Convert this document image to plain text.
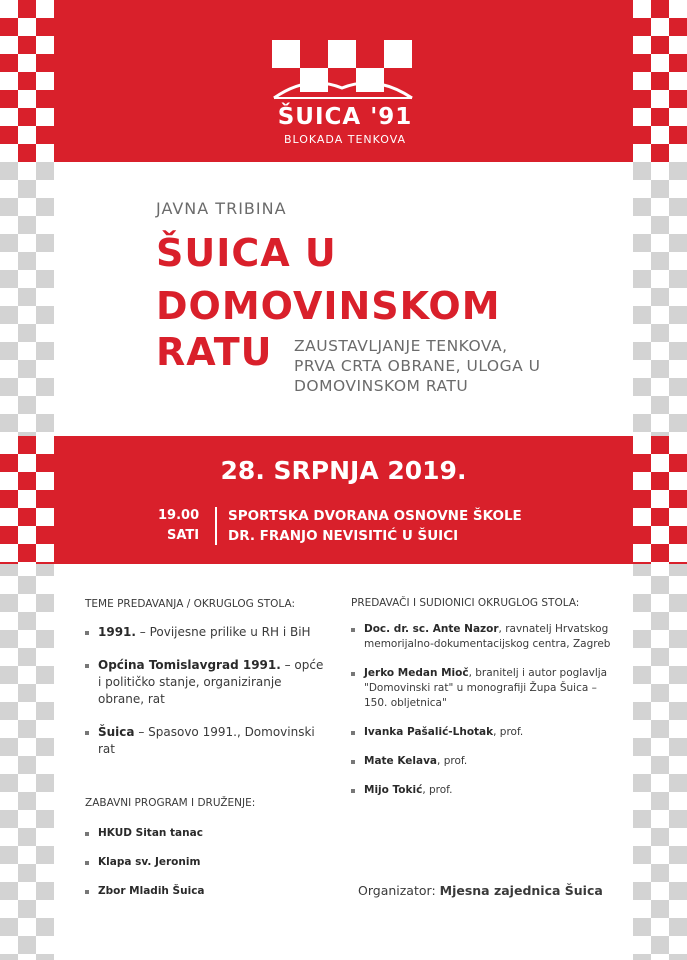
ŠUICA '91
BLOKADA TENKOVA
JAVNA TRIBINA
ŠUICA U
DOMOVINSKOM
RATU ZAUSTAVLJANJE TENKOVA, PRVA CRTA OBRANE, ULOGA U DOMOVINSKOM RATU
28. SRPNJA 2019.
19.00
SATI
SPORTSKA DVORANA OSNOVNE ŠKOLE
DR. FRANJO NEVISITIĆ U ŠUICI
TEME PREDAVANJA / OKRUGLOG STOLA:
1991. – Povijesne prilike u RH i BiH
Općina Tomislavgrad 1991. – opće i političko stanje, organiziranje obrane, rat
Šuica – Spasovo 1991., Domovinski rat
ZABAVNI PROGRAM I DRUŽENJE:
HKUD Sitan tanac
Klapa sv. Jeronim
Zbor Mladih Šuica
PREDAVAČI I SUDIONICI OKRUGLOG STOLA:
Doc. dr. sc. Ante Nazor, ravnatelj Hrvatskog memorijalno-dokumentacijskog centra, Zagreb
Jerko Medan Mioč, branitelj i autor poglavlja "Domovinski rat" u monografiji Župa Šuica – 150. obljetnica"
Ivanka Pašalić-Lhotak, prof.
Mate Kelava, prof.
Mijo Tokić, prof.
Organizator: Mjesna zajednica Šuica
